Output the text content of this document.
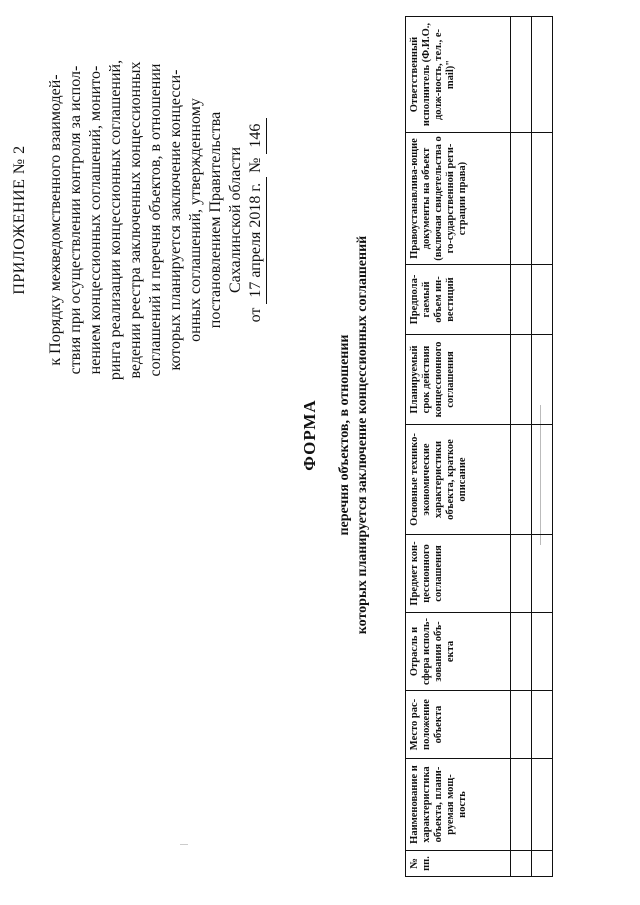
ПРИЛОЖЕНИЕ № 2 к Порядку межведомственного взаимодей- ствия при осуществлении контроля за испол- нением концессионных соглашений, монито- ринга реализации концессионных соглашений, ведении реестра заключенных концессионных соглашений и перечня объектов, в отношении которых планируется заключение концесси- онных соглашений, утвержденному постановлением Правительства Сахалинской области
от 17 апреля 2018 г. № 146
ФОРМА перечня объектов, в отношении которых планируется заключение концессионных соглашений
№ пп.	Наименование и характеристика объекта, плани-руемая мощ-ность	Место рас-положение объекта	Отрасль и сфера исполь-зования объ-екта	Предмет кон-цессионного соглашения	Основные технико-экономические характеристики объекта, краткое описание	Планируемый срок действия концессионного соглашения	Предпола-гаемый объем ин-вестиций	Правоустанавлива-ющие документы на объект (включая свидетельства о го-сударственной реги-страции права)	Ответственный исполнитель (Ф.И.О., долж-ность, тел., e-mail)"
